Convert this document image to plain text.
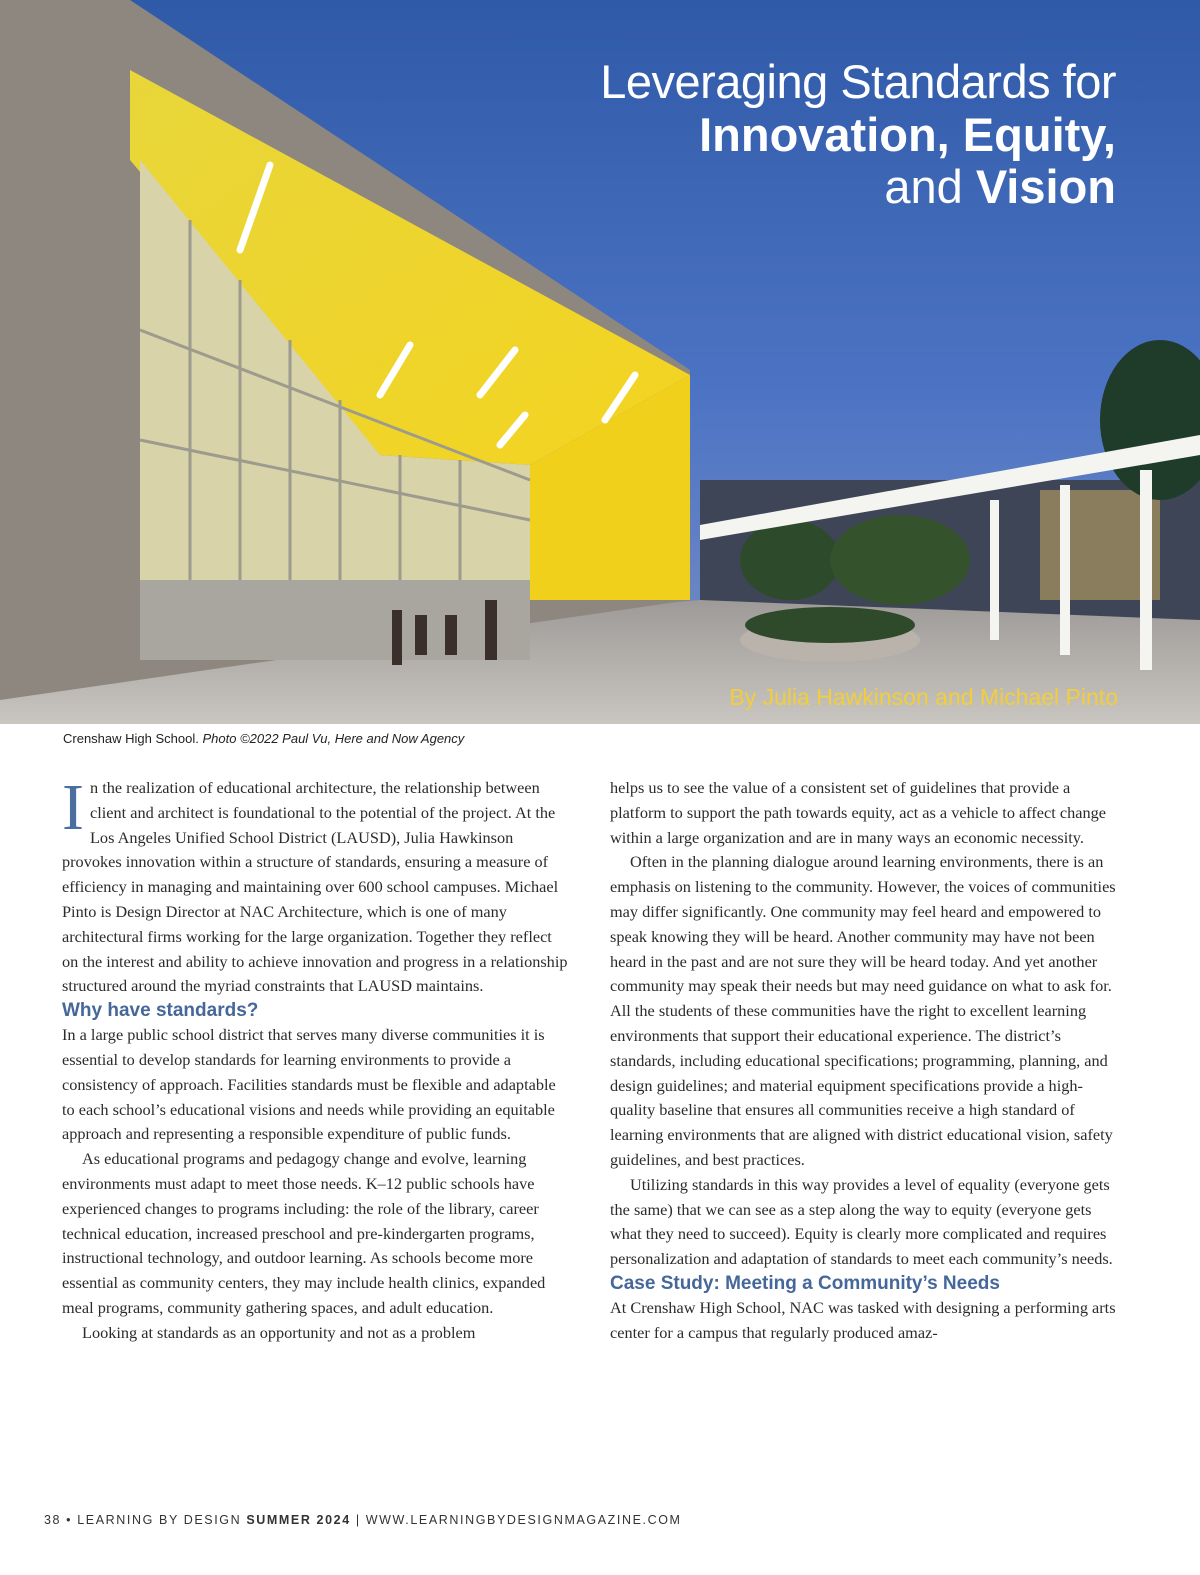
Leveraging Standards for
Innovation, Equity,
and Vision
By Julia Hawkinson and Michael Pinto
Crenshaw High School. Photo ©2022 Paul Vu, Here and Now Agency

In the realization of educational architecture, the relationship between client and architect is foundational to the potential of the project. At the Los Angeles Unified School District (LAUSD), Julia Hawkinson provokes innovation within a structure of standards, ensuring a measure of efficiency in managing and maintaining over 600 school campuses. Michael Pinto is Design Director at NAC Architecture, which is one of many architectural firms working for the large organization. Together they reflect on the interest and ability to achieve innovation and progress in a relationship structured around the myriad constraints that LAUSD maintains.

Why have standards?

In a large public school district that serves many diverse communities it is essential to develop standards for learning environments to provide a consistency of approach. Facilities standards must be flexible and adaptable to each school’s educational visions and needs while providing an equitable approach and representing a responsible expenditure of public funds.

As educational programs and pedagogy change and evolve, learning environments must adapt to meet those needs. K–12 public schools have experienced changes to programs including: the role of the library, career technical education, increased preschool and pre-kindergarten programs, instructional technology, and outdoor learning. As schools become more essential as community centers, they may include health clinics, expanded meal programs, community gathering spaces, and adult education.

Looking at standards as an opportunity and not as a problem

helps us to see the value of a consistent set of guidelines that provide a platform to support the path towards equity, act as a vehicle to affect change within a large organization and are in many ways an economic necessity.

Often in the planning dialogue around learning environments, there is an emphasis on listening to the community. However, the voices of communities may differ significantly. One community may feel heard and empowered to speak knowing they will be heard. Another community may have not been heard in the past and are not sure they will be heard today. And yet another community may speak their needs but may need guidance on what to ask for. All the students of these communities have the right to excellent learning environments that support their educational experience. The district’s standards, including educational specifications; programming, planning, and design guidelines; and material equipment specifications provide a high-quality baseline that ensures all communities receive a high standard of learning environments that are aligned with district educational vision, safety guidelines, and best practices.

Utilizing standards in this way provides a level of equality (everyone gets the same) that we can see as a step along the way to equity (everyone gets what they need to succeed). Equity is clearly more complicated and requires personalization and adaptation of standards to meet each community’s needs.

Case Study: Meeting a Community’s Needs

At Crenshaw High School, NAC was tasked with designing a performing arts center for a campus that regularly produced amaz-

38 • LEARNING BY DESIGN SUMMER 2024 | WWW.LEARNINGBYDESIGNMAGAZINE.COM
